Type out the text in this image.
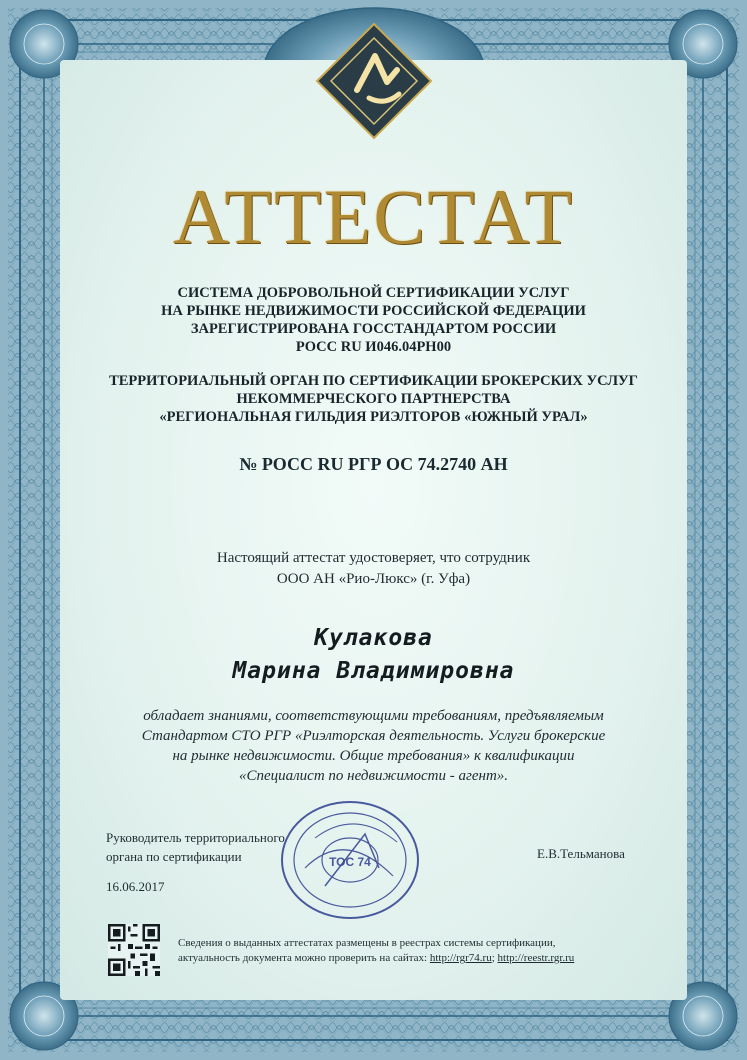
АТТЕСТАТ
СИСТЕМА ДОБРОВОЛЬНОЙ СЕРТИФИКАЦИИ УСЛУГ
НА РЫНКЕ НЕДВИЖИМОСТИ РОССИЙСКОЙ ФЕДЕРАЦИИ
ЗАРЕГИСТРИРОВАНА ГОССТАНДАРТОМ РОССИИ
РОСС RU И046.04РН00
ТЕРРИТОРИАЛЬНЫЙ ОРГАН ПО СЕРТИФИКАЦИИ БРОКЕРСКИХ УСЛУГ
НЕКОММЕРЧЕСКОГО ПАРТНЕРСТВА
«РЕГИОНАЛЬНАЯ ГИЛЬДИЯ РИЭЛТОРОВ «ЮЖНЫЙ УРАЛ»
№ РОСС RU РГР ОС 74.2740 АН
Настоящий аттестат удостоверяет, что сотрудник
ООО АН «Рио-Люкс» (г. Уфа)
Кулакова
Марина Владимировна
обладает знаниями, соответствующими требованиям, предъявляемым
Стандартом СТО РГР «Риэлторская деятельность. Услуги брокерские
на рынке недвижимости. Общие требования» к квалификации
«Специалист по недвижимости - агент».
Руководитель территориального
органа по сертификации	Е.В.Тельманова
16.06.2017
ТОС 74
Сведения о выданных аттестатах размещены в реестрах системы сертификации,
актуальность документа можно проверить на сайтах: http://rgr74.ru; http://reestr.rgr.ru
